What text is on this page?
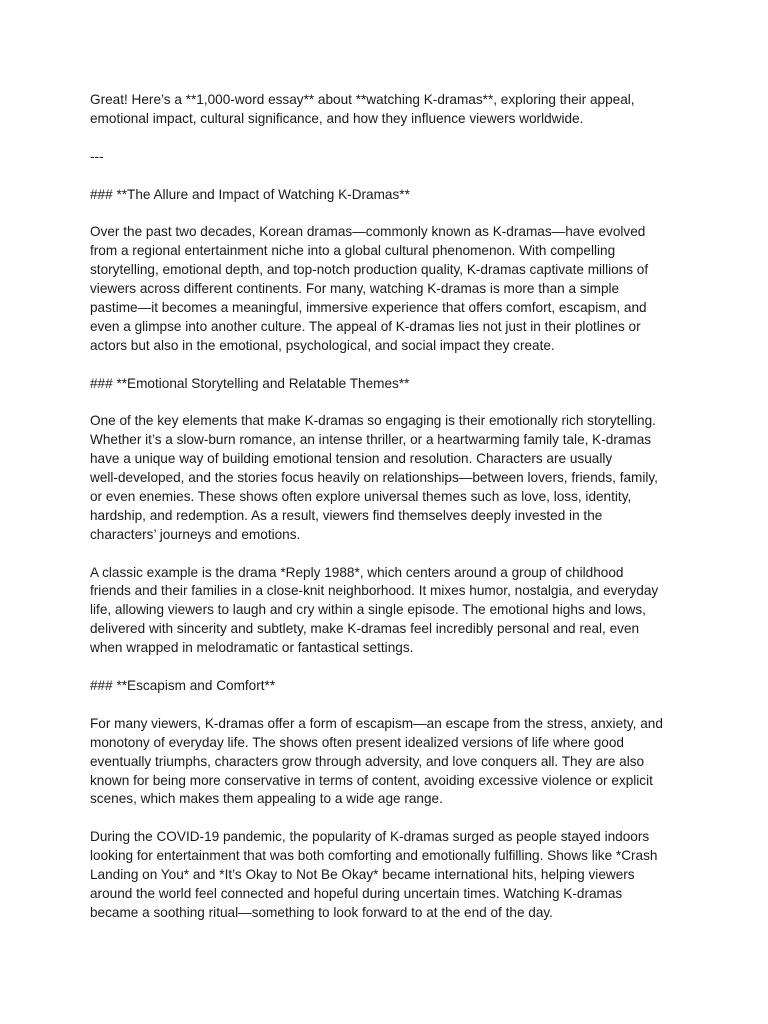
Great! Here’s a **1,000-word essay** about **watching K-dramas**, exploring their appeal,
emotional impact, cultural significance, and how they influence viewers worldwide.

---

### **The Allure and Impact of Watching K-Dramas**

Over the past two decades, Korean dramas—commonly known as K-dramas—have evolved
from a regional entertainment niche into a global cultural phenomenon. With compelling
storytelling, emotional depth, and top-notch production quality, K-dramas captivate millions of
viewers across different continents. For many, watching K-dramas is more than a simple
pastime—it becomes a meaningful, immersive experience that offers comfort, escapism, and
even a glimpse into another culture. The appeal of K-dramas lies not just in their plotlines or
actors but also in the emotional, psychological, and social impact they create.

### **Emotional Storytelling and Relatable Themes**

One of the key elements that make K-dramas so engaging is their emotionally rich storytelling.
Whether it’s a slow-burn romance, an intense thriller, or a heartwarming family tale, K-dramas
have a unique way of building emotional tension and resolution. Characters are usually
well-developed, and the stories focus heavily on relationships—between lovers, friends, family,
or even enemies. These shows often explore universal themes such as love, loss, identity,
hardship, and redemption. As a result, viewers find themselves deeply invested in the
characters’ journeys and emotions.

A classic example is the drama *Reply 1988*, which centers around a group of childhood
friends and their families in a close-knit neighborhood. It mixes humor, nostalgia, and everyday
life, allowing viewers to laugh and cry within a single episode. The emotional highs and lows,
delivered with sincerity and subtlety, make K-dramas feel incredibly personal and real, even
when wrapped in melodramatic or fantastical settings.

### **Escapism and Comfort**

For many viewers, K-dramas offer a form of escapism—an escape from the stress, anxiety, and
monotony of everyday life. The shows often present idealized versions of life where good
eventually triumphs, characters grow through adversity, and love conquers all. They are also
known for being more conservative in terms of content, avoiding excessive violence or explicit
scenes, which makes them appealing to a wide age range.

During the COVID-19 pandemic, the popularity of K-dramas surged as people stayed indoors
looking for entertainment that was both comforting and emotionally fulfilling. Shows like *Crash
Landing on You* and *It’s Okay to Not Be Okay* became international hits, helping viewers
around the world feel connected and hopeful during uncertain times. Watching K-dramas
became a soothing ritual—something to look forward to at the end of the day.
